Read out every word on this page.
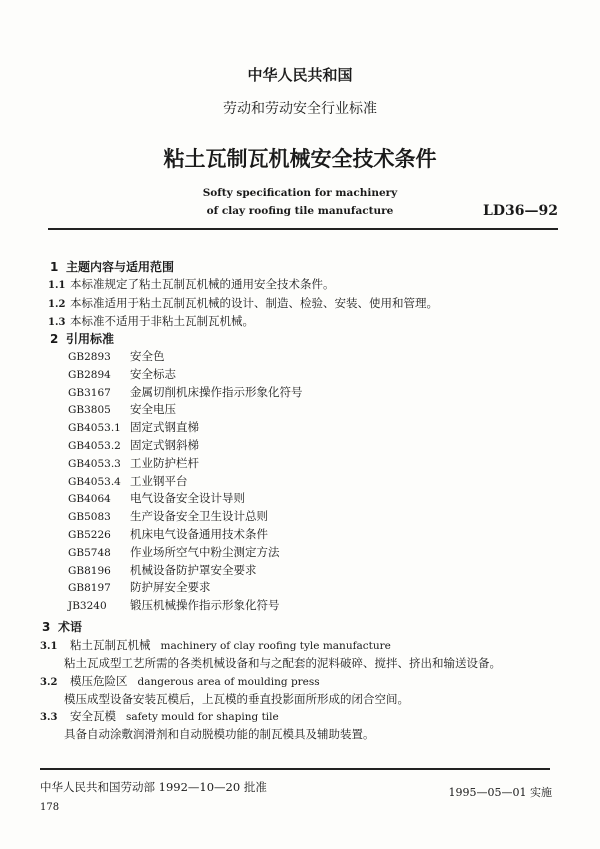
中华人民共和国
劳动和劳动安全行业标准
粘土瓦制瓦机械安全技术条件
Softy specification for machinery
of clay roofing tile manufacture	LD36—92
1 主题内容与适用范围
1.1 本标准规定了粘土瓦制瓦机械的通用安全技术条件。
1.2 本标准适用于粘土瓦制瓦机械的设计、制造、检验、安装、使用和管理。
1.3 本标准不适用于非粘土瓦制瓦机械。
2 引用标准
GB2893 安全色
GB2894 安全标志
GB3167 金属切削机床操作指示形象化符号
GB3805 安全电压
GB4053.1 固定式钢直梯
GB4053.2 固定式钢斜梯
GB4053.3 工业防护栏杆
GB4053.4 工业钢平台
GB4064 电气设备安全设计导则
GB5083 生产设备安全卫生设计总则
GB5226 机床电气设备通用技术条件
GB5748 作业场所空气中粉尘测定方法
GB8196 机械设备防护罩安全要求
GB8197 防护屏安全要求
JB3240 锻压机械操作指示形象化符号
3 术语
3.1 粘土瓦制瓦机械 machinery of clay roofing tyle manufacture
粘土瓦成型工艺所需的各类机械设备和与之配套的泥料破碎、搅拌、挤出和输送设备。
3.2 模压危险区 dangerous area of moulding press
模压成型设备安装瓦模后，上瓦模的垂直投影面所形成的闭合空间。
3.3 安全瓦模 safety mould for shaping tile
具备自动涂敷润滑剂和自动脱模功能的制瓦模具及辅助装置。
中华人民共和国劳动部 1992—10—20 批准	1995—05—01 实施
178
